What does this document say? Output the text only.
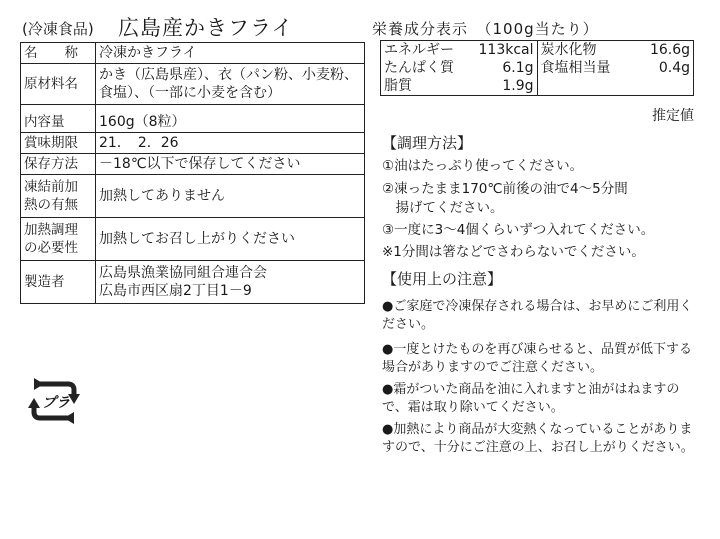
(冷凍食品) 広島産かきフライ
名　　称	冷凍かきフライ
原材料名	かき（広島県産）、衣（パン粉、小麦粉、食塩）、（一部に小麦を含む）
内容量	160g（8粒）
賞味期限	21．　2．26
保存方法	－18℃以下で保存してください

凍結前加
熱の有無	加熱してありません

加熱調理
の必要性	加熱してお召し上がりください
製造者	広島県漁業協同組合連合会
広島市西区扇2丁目1－9
栄養成分表示　（100g当たり）
エネルギー 113kcal
たんぱく質	6.1g
脂質	1.9g

炭水化物	16.6g
食塩相当量	0.4g
推定値
【調理方法】
①油はたっぷり使ってください。
②凍ったまま170℃前後の油で4～5分間
　揚げてください。
③一度に3～4個くらいずつ入れてください。
※1分間は箸などでさわらないでください。
【使用上の注意】
●ご家庭で冷凍保存される場合は、お早めにご利用ください。
●一度とけたものを再び凍らせると、品質が低下する場合がありますのでご注意ください。
●霜がついた商品を油に入れますと油がはねますので、霜は取り除いてください。
●加熱により商品が大変熱くなっていることがありますので、十分にご注意の上、お召し上がりください。
プラ
